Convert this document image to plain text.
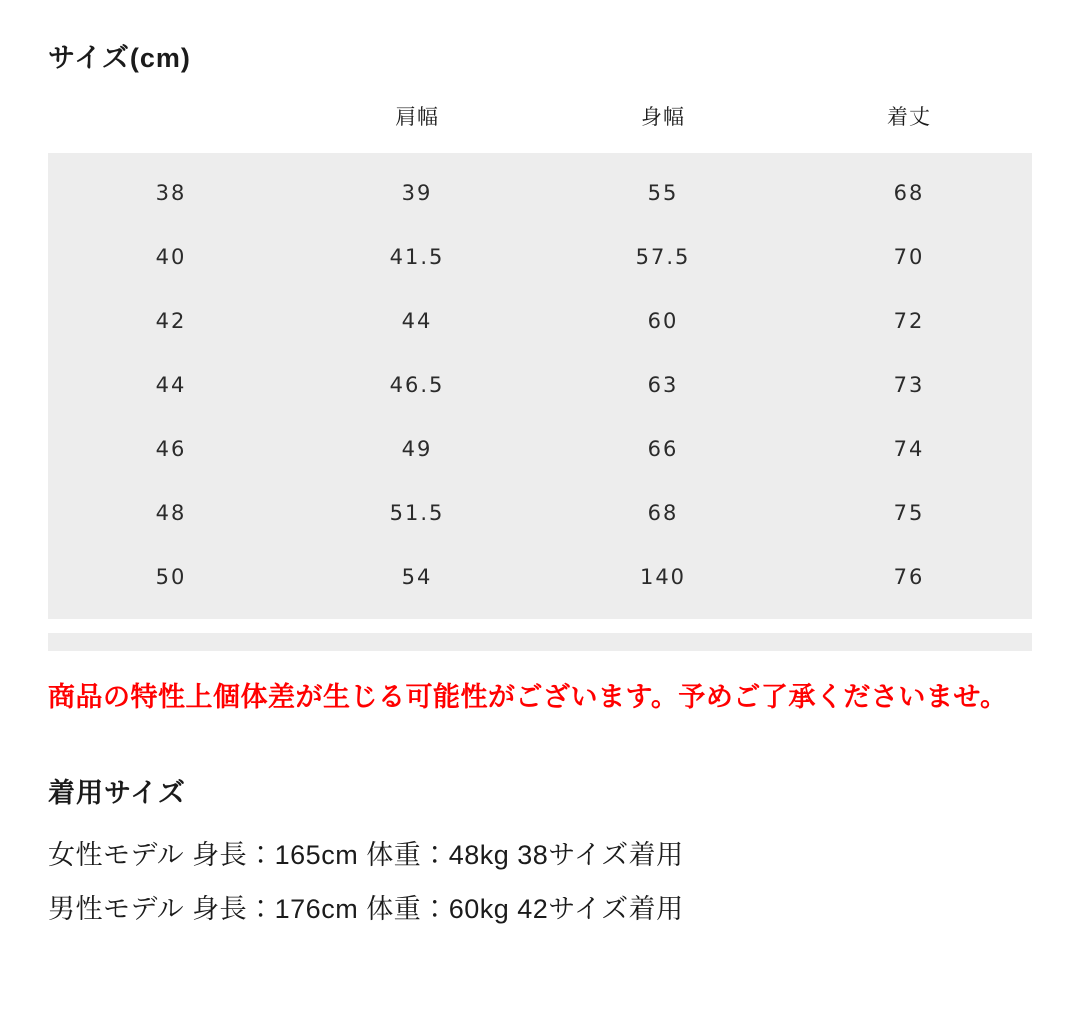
サイズ(cm)
	肩幅	身幅	着丈
38	39	55	68
40	41.5	57.5	70
42	44	60	72
44	46.5	63	73
46	49	66	74
48	51.5	68	75
50	54	140	76

商品の特性上個体差が生じる可能性がございます。予めご了承くださいませ。

着用サイズ
女性モデル 身長：165cm 体重：48kg 38サイズ着用
男性モデル 身長：176cm 体重：60kg 42サイズ着用
